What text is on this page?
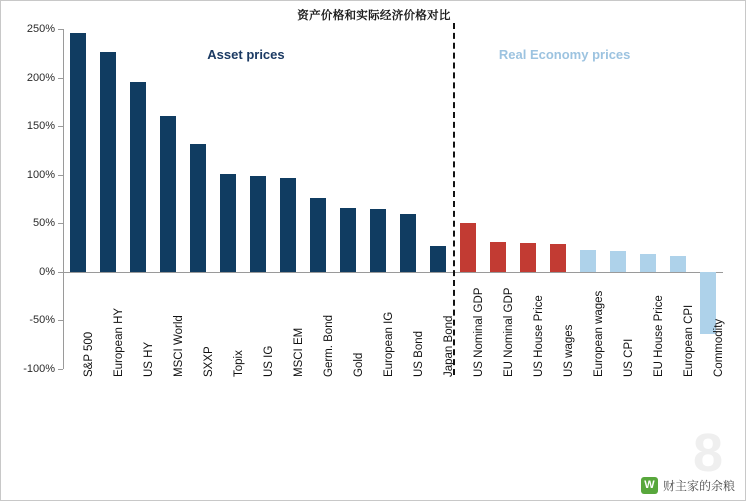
8
资产价格和实际经济价格对比
-100%
-50%
0%
50%
100%
150%
200%
250%
S&P 500 European HY US HY MSCI World SXXP Topix US IG MSCI EM Germ. Bond Gold European IG US Bond Japan Bond US Nominal GDP EU Nominal GDP US House Price US wages European wages US CPI EU House Price European CPI Commodity
Asset prices	Real Economy prices
W 财主家的余粮
